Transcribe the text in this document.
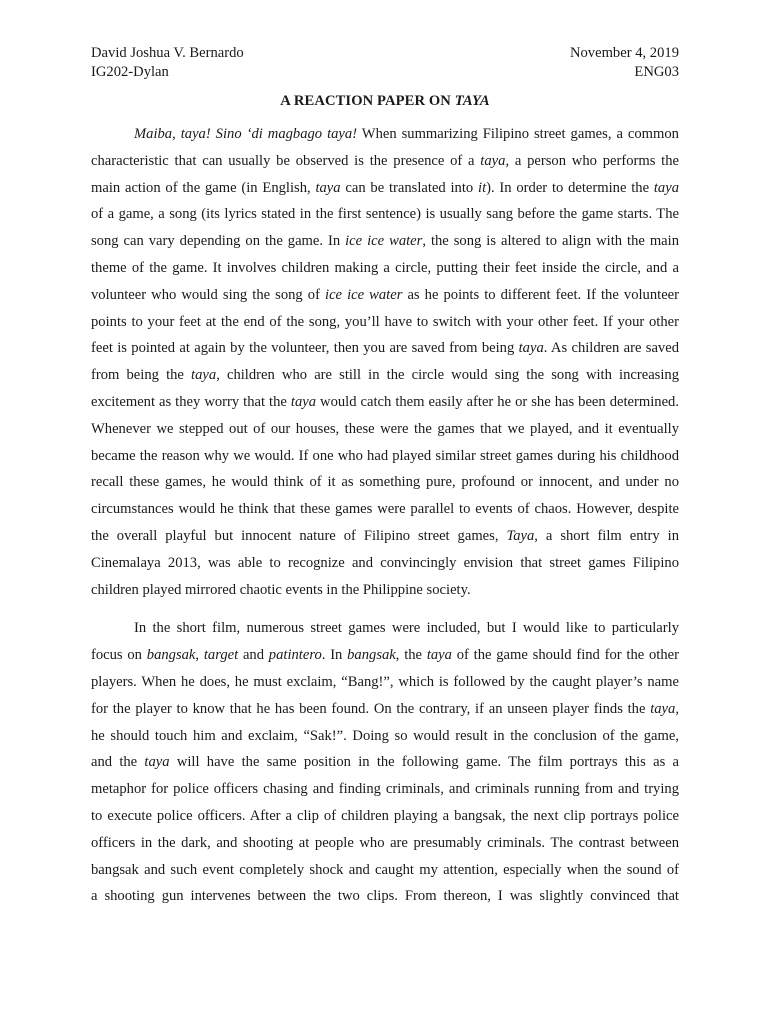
David Joshua V. Bernardo	November 4, 2019
IG202-Dylan	ENG03
A REACTION PAPER ON TAYA

Maiba, taya! Sino ‘di magbago taya! When summarizing Filipino street games, a common
characteristic that can usually be observed is the presence of a taya, a person who performs the
main action of the game (in English, taya can be translated into it). In order to determine the taya
of a game, a song (its lyrics stated in the first sentence) is usually sang before the game starts. The
song can vary depending on the game. In ice ice water, the song is altered to align with the main
theme of the game. It involves children making a circle, putting their feet inside the circle, and a
volunteer who would sing the song of ice ice water as he points to different feet. If the volunteer
points to your feet at the end of the song, you’ll have to switch with your other feet. If your other
feet is pointed at again by the volunteer, then you are saved from being taya. As children are saved
from being the taya, children who are still in the circle would sing the song with increasing
excitement as they worry that the taya would catch them easily after he or she has been determined.
Whenever we stepped out of our houses, these were the games that we played, and it eventually
became the reason why we would. If one who had played similar street games during his childhood
recall these games, he would think of it as something pure, profound or innocent, and under no
circumstances would he think that these games were parallel to events of chaos. However, despite
the overall playful but innocent nature of Filipino street games, Taya, a short film entry in
Cinemalaya 2013, was able to recognize and convincingly envision that street games Filipino
children played mirrored chaotic events in the Philippine society.

In the short film, numerous street games were included, but I would like to particularly
focus on bangsak, target and patintero. In bangsak, the taya of the game should find for the other
players. When he does, he must exclaim, “Bang!”, which is followed by the caught player’s name
for the player to know that he has been found. On the contrary, if an unseen player finds the taya,
he should touch him and exclaim, “Sak!”. Doing so would result in the conclusion of the game,
and the taya will have the same position in the following game. The film portrays this as a
metaphor for police officers chasing and finding criminals, and criminals running from and trying
to execute police officers. After a clip of children playing a bangsak, the next clip portrays police
officers in the dark, and shooting at people who are presumably criminals. The contrast between
bangsak and such event completely shock and caught my attention, especially when the sound of
a shooting gun intervenes between the two clips. From thereon, I was slightly convinced that
